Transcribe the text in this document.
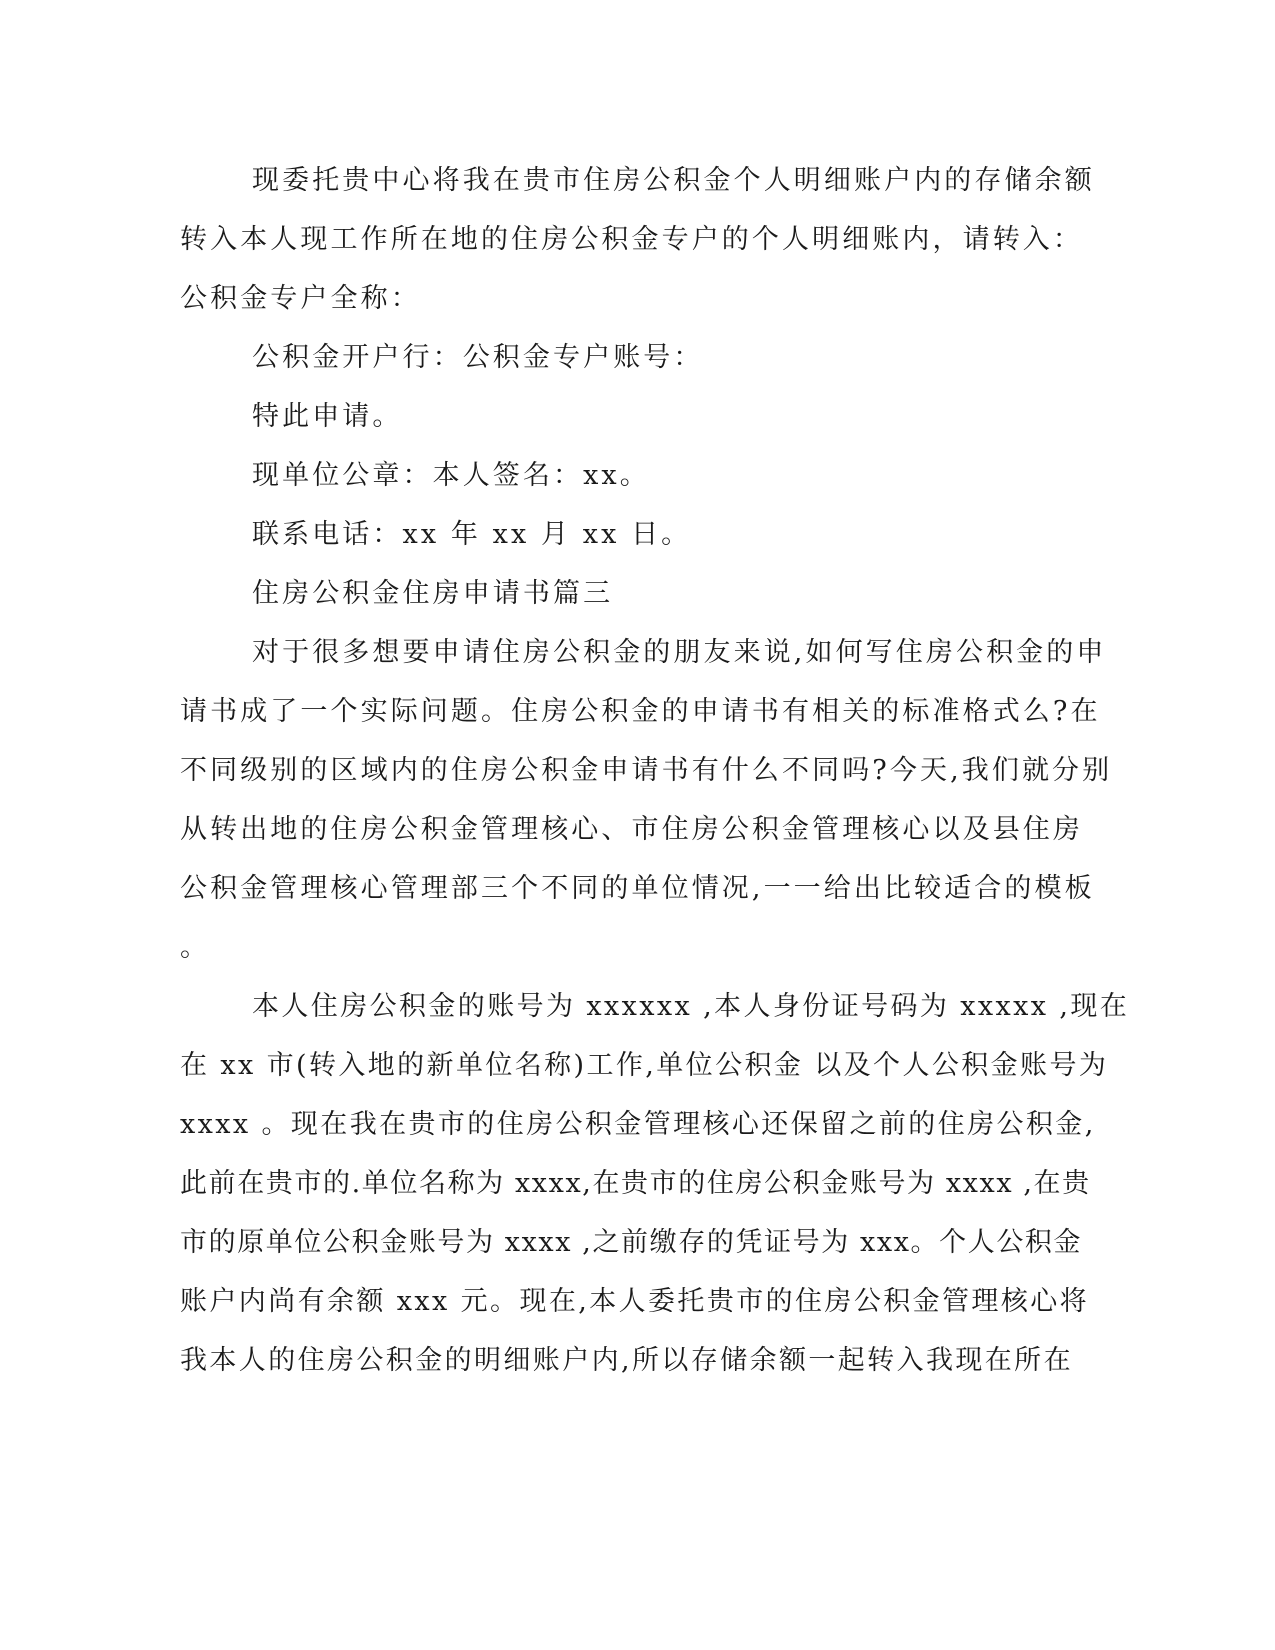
现委托贵中心将我在贵市住房公积金个人明细账户内的存储余额

转入本人现工作所在地的住房公积金专户的个人明细账内，请转入：

公积金专户全称：

公积金开户行：公积金专户账号：

特此申请。

现单位公章：本人签名：xx。

联系电话：xx 年 xx 月 xx 日。

住房公积金住房申请书篇三

对于很多想要申请住房公积金的朋友来说,如何写住房公积金的申

请书成了一个实际问题。住房公积金的申请书有相关的标准格式么?在

不同级别的区域内的住房公积金申请书有什么不同吗?今天,我们就分别

从转出地的住房公积金管理核心、市住房公积金管理核心以及县住房

公积金管理核心管理部三个不同的单位情况,一一给出比较适合的模板

。

本人住房公积金的账号为 xxxxxx ,本人身份证号码为 xxxxx ,现在

在 xx 市(转入地的新单位名称)工作,单位公积金 以及个人公积金账号为

xxxx 。现在我在贵市的住房公积金管理核心还保留之前的住房公积金,

此前在贵市的.单位名称为 xxxx,在贵市的住房公积金账号为 xxxx ,在贵

市的原单位公积金账号为 xxxx ,之前缴存的凭证号为 xxx。个人公积金

账户内尚有余额 xxx 元。现在,本人委托贵市的住房公积金管理核心将

我本人的住房公积金的明细账户内,所以存储余额一起转入我现在所在
